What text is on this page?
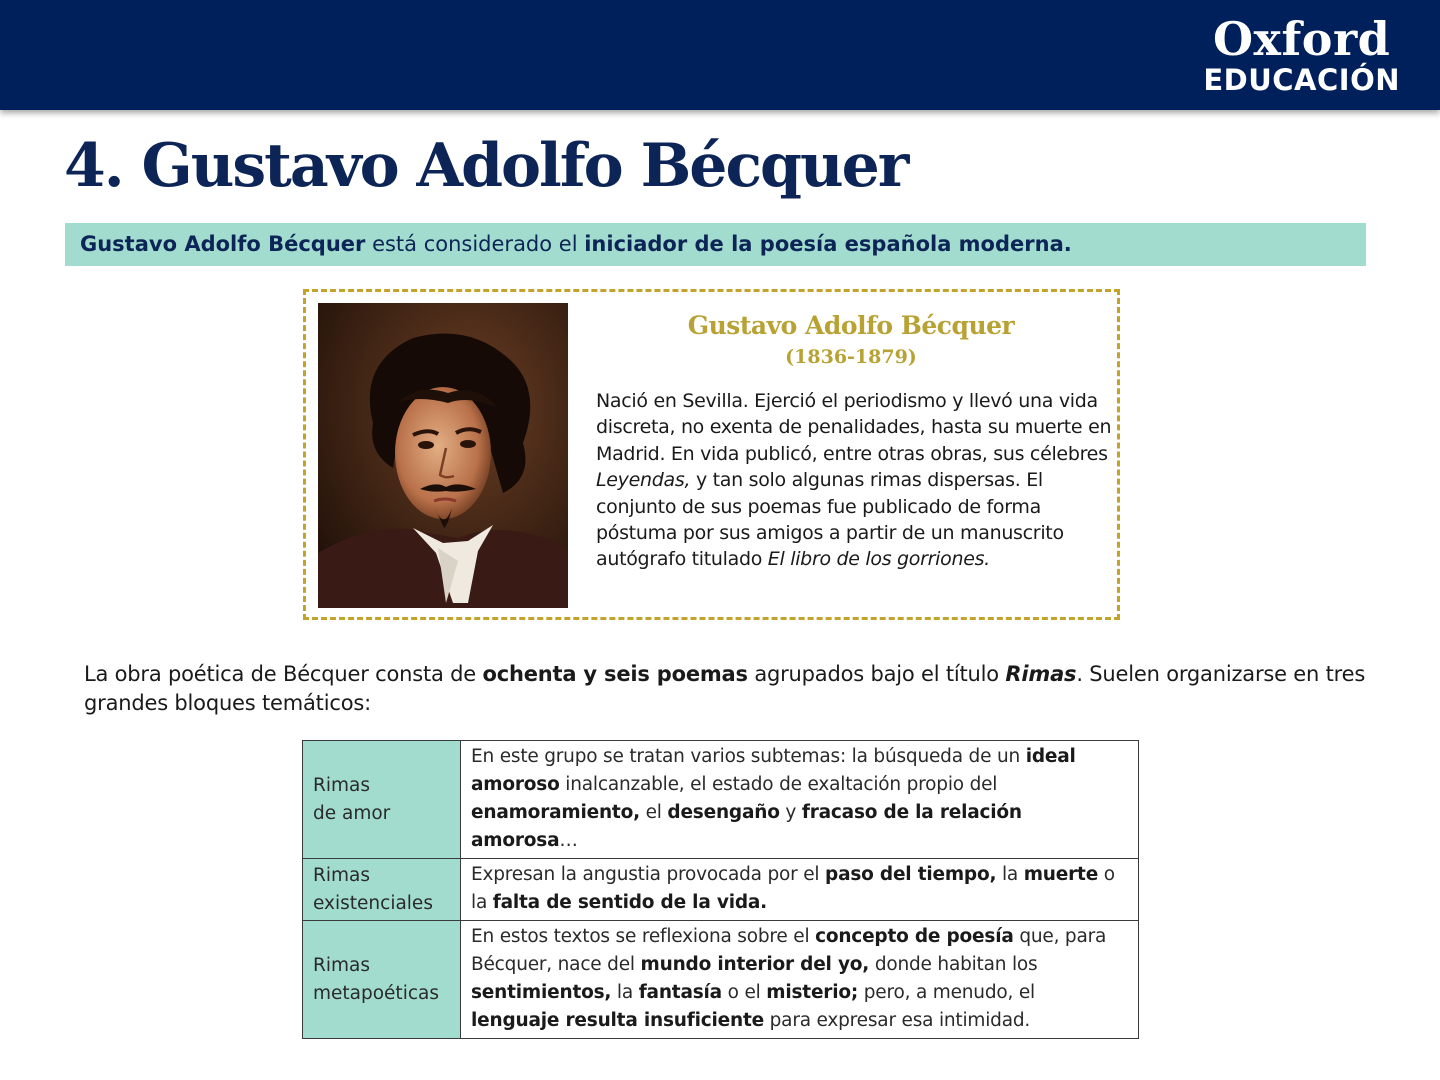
Oxford
EDUCACIÓN
4. Gustavo Adolfo Bécquer
Gustavo Adolfo Bécquer está considerado el iniciador de la poesía española moderna.
Gustavo Adolfo Bécquer
(1836-1879)
Nació en Sevilla. Ejerció el periodismo y llevó una vida discreta, no exenta de penalidades, hasta su muerte en Madrid. En vida publicó, entre otras obras, sus célebres Leyendas, y tan solo algunas rimas dispersas. El conjunto de sus poemas fue publicado de forma póstuma por sus amigos a partir de un manuscrito autógrafo titulado El libro de los gorriones.
La obra poética de Bécquer consta de ochenta y seis poemas agrupados bajo el título Rimas. Suelen organizarse en tres grandes bloques temáticos:
Rimas
de amor	En este grupo se tratan varios subtemas: la búsqueda de un ideal amoroso inalcanzable, el estado de exaltación propio del enamoramiento, el desengaño y fracaso de la relación amorosa…
Rimas
existenciales	Expresan la angustia provocada por el paso del tiempo, la muerte o la falta de sentido de la vida.
Rimas
metapoéticas	En estos textos se reflexiona sobre el concepto de poesía que, para Bécquer, nace del mundo interior del yo, donde habitan los sentimientos, la fantasía o el misterio; pero, a menudo, el lenguaje resulta insuficiente para expresar esa intimidad.
